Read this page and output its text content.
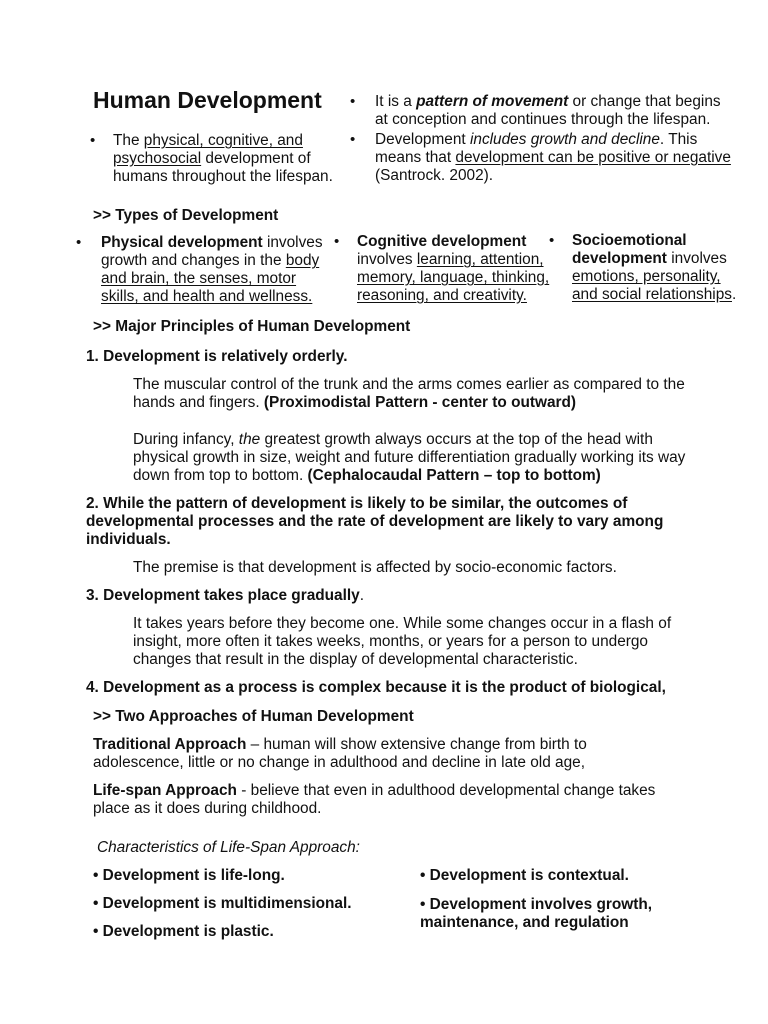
Human Development
• The physical, cognitive, and
psychosocial development of
humans throughout the lifespan.
• It is a pattern of movement or change that begins
at conception and continues through the lifespan.
• Development includes growth and decline. This
means that development can be positive or negative
(Santrock. 2002).
>> Types of Development
• Physical development involves
growth and changes in the body
and brain, the senses, motor
skills, and health and wellness.
• Cognitive development
involves learning, attention,
memory, language, thinking,
reasoning, and creativity.
• Socioemotional
development involves
emotions, personality,
and social relationships.
>> Major Principles of Human Development
1. Development is relatively orderly.
The muscular control of the trunk and the arms comes earlier as compared to the
hands and fingers. (Proximodistal Pattern - center to outward)
During infancy, the greatest growth always occurs at the top of the head with
physical growth in size, weight and future differentiation gradually working its way
down from top to bottom. (Cephalocaudal Pattern – top to bottom)
2. While the pattern of development is likely to be similar, the outcomes of
developmental processes and the rate of development are likely to vary among
individuals.
The premise is that development is affected by socio-economic factors.
3. Development takes place gradually.
It takes years before they become one. While some changes occur in a flash of
insight, more often it takes weeks, months, or years for a person to undergo
changes that result in the display of developmental characteristic.
4. Development as a process is complex because it is the product of biological,
>> Two Approaches of Human Development
Traditional Approach – human will show extensive change from birth to
adolescence, little or no change in adulthood and decline in late old age,
Life-span Approach - believe that even in adulthood developmental change takes
place as it does during childhood.
Characteristics of Life-Span Approach:
• Development is life-long.
• Development is multidimensional.
• Development is plastic.
• Development is contextual.
• Development involves growth,
maintenance, and regulation
